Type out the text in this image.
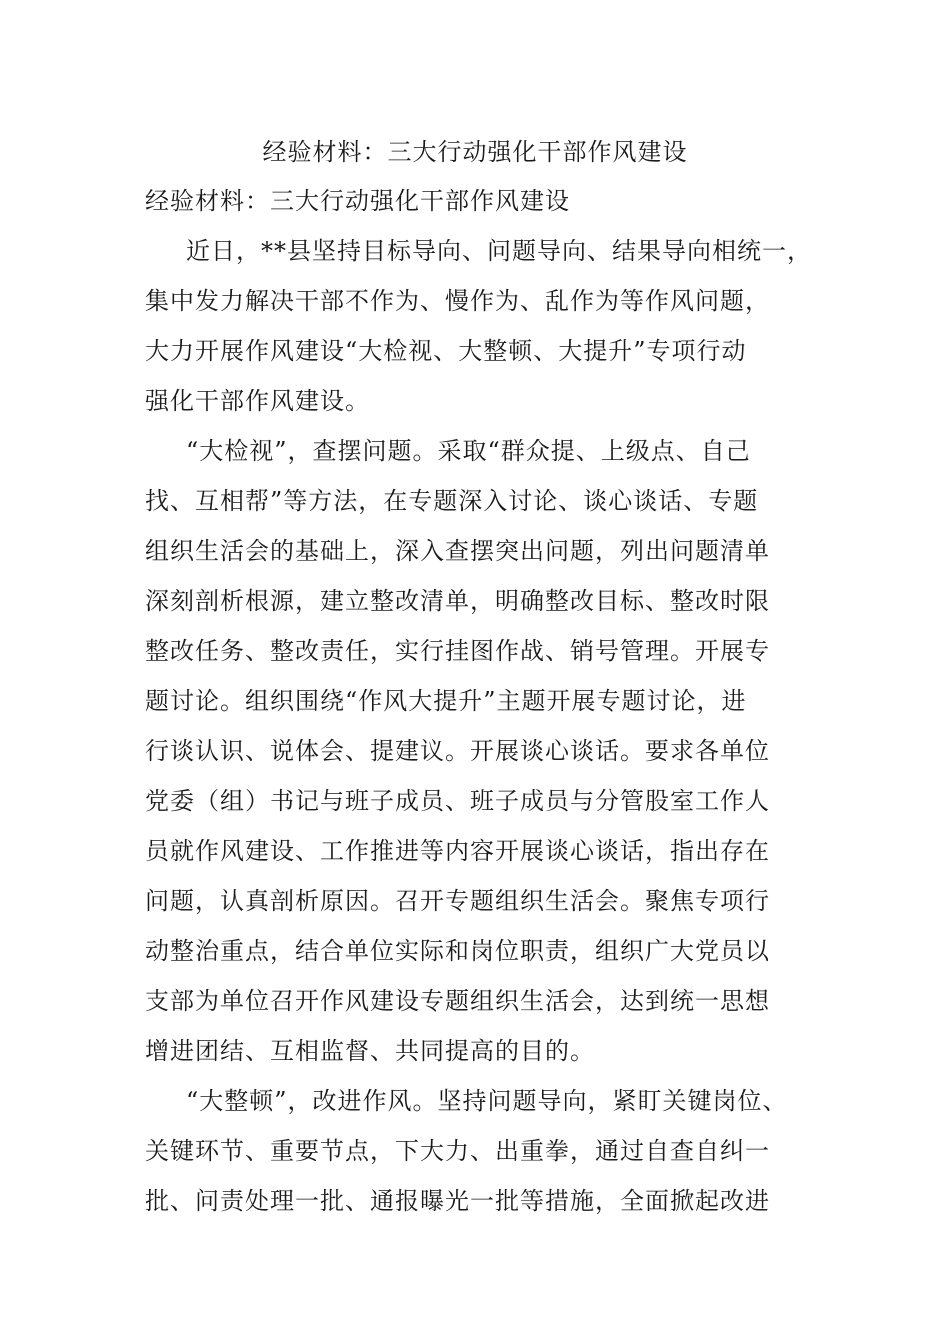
经验材料：三大行动强化干部作风建设
经验材料：三大行动强化干部作风建设
近日，**县坚持目标导向、问题导向、结果导向相统一，
集中发力解决干部不作为、慢作为、乱作为等作风问题，
大力开展作风建设“大检视、大整顿、大提升”专项行动
强化干部作风建设。
“大检视”，查摆问题。采取“群众提、上级点、自己
找、互相帮”等方法，在专题深入讨论、谈心谈话、专题
组织生活会的基础上，深入查摆突出问题，列出问题清单
深刻剖析根源，建立整改清单，明确整改目标、整改时限
整改任务、整改责任，实行挂图作战、销号管理。开展专
题讨论。组织围绕“作风大提升”主题开展专题讨论，进
行谈认识、说体会、提建议。开展谈心谈话。要求各单位
党委（组）书记与班子成员、班子成员与分管股室工作人
员就作风建设、工作推进等内容开展谈心谈话，指出存在
问题，认真剖析原因。召开专题组织生活会。聚焦专项行
动整治重点，结合单位实际和岗位职责，组织广大党员以
支部为单位召开作风建设专题组织生活会，达到统一思想
增进团结、互相监督、共同提高的目的。
“大整顿”，改进作风。坚持问题导向，紧盯关键岗位、
关键环节、重要节点，下大力、出重拳，通过自查自纠一
批、问责处理一批、通报曝光一批等措施，全面掀起改进
